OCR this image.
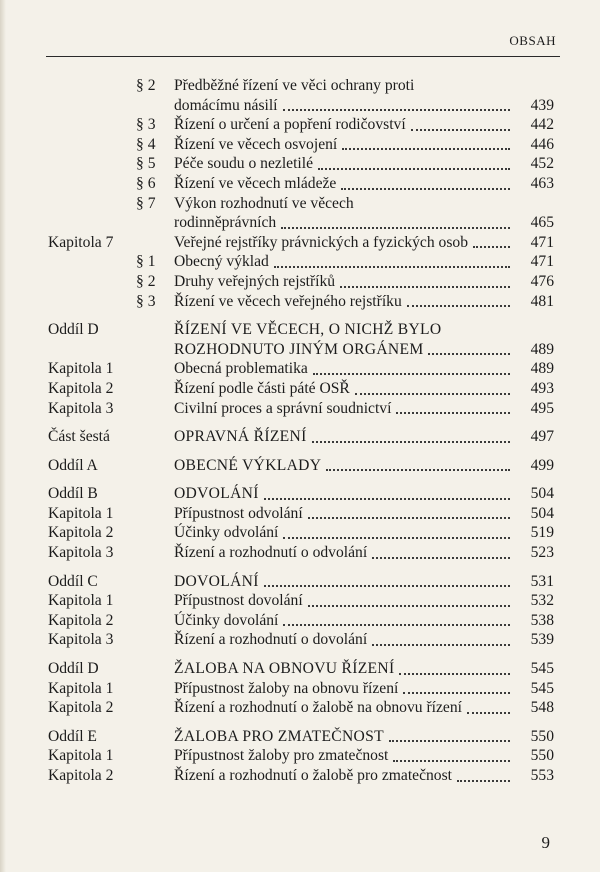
OBSAH
§ 2	Předběžné řízení ve věci ochrany proti
domácímu násilí	439
§ 3	Řízení o určení a popření rodičovství	442
§ 4	Řízení ve věcech osvojení	446
§ 5	Péče soudu o nezletilé	452
§ 6	Řízení ve věcech mládeže	463
§ 7	Výkon rozhodnutí ve věcech
rodinněprávních	465
Kapitola 7	Veřejné rejstříky právnických a fyzických osob	471
§ 1	Obecný výklad	471
§ 2	Druhy veřejných rejstříků	476
§ 3	Řízení ve věcech veřejného rejstříku	481
Oddíl D	ŘÍZENÍ VE VĚCECH, O NICHŽ BYLO
ROZHODNUTO JINÝM ORGÁNEM	489
Kapitola 1	Obecná problematika	489
Kapitola 2	Řízení podle části páté OSŘ	493
Kapitola 3	Civilní proces a správní soudnictví	495
Část šestá	OPRAVNÁ ŘÍZENÍ	497
Oddíl A	OBECNÉ VÝKLADY	499
Oddíl B	ODVOLÁNÍ	504
Kapitola 1	Přípustnost odvolání	504
Kapitola 2	Účinky odvolání	519
Kapitola 3	Řízení a rozhodnutí o odvolání	523
Oddíl C	DOVOLÁNÍ	531
Kapitola 1	Přípustnost dovolání	532
Kapitola 2	Účinky dovolání	538
Kapitola 3	Řízení a rozhodnutí o dovolání	539
Oddíl D	ŽALOBA NA OBNOVU ŘÍZENÍ	545
Kapitola 1	Přípustnost žaloby na obnovu řízení	545
Kapitola 2	Řízení a rozhodnutí o žalobě na obnovu řízení	548
Oddíl E	ŽALOBA PRO ZMATEČNOST	550
Kapitola 1	Přípustnost žaloby pro zmatečnost	550
Kapitola 2	Řízení a rozhodnutí o žalobě pro zmatečnost	553
9
